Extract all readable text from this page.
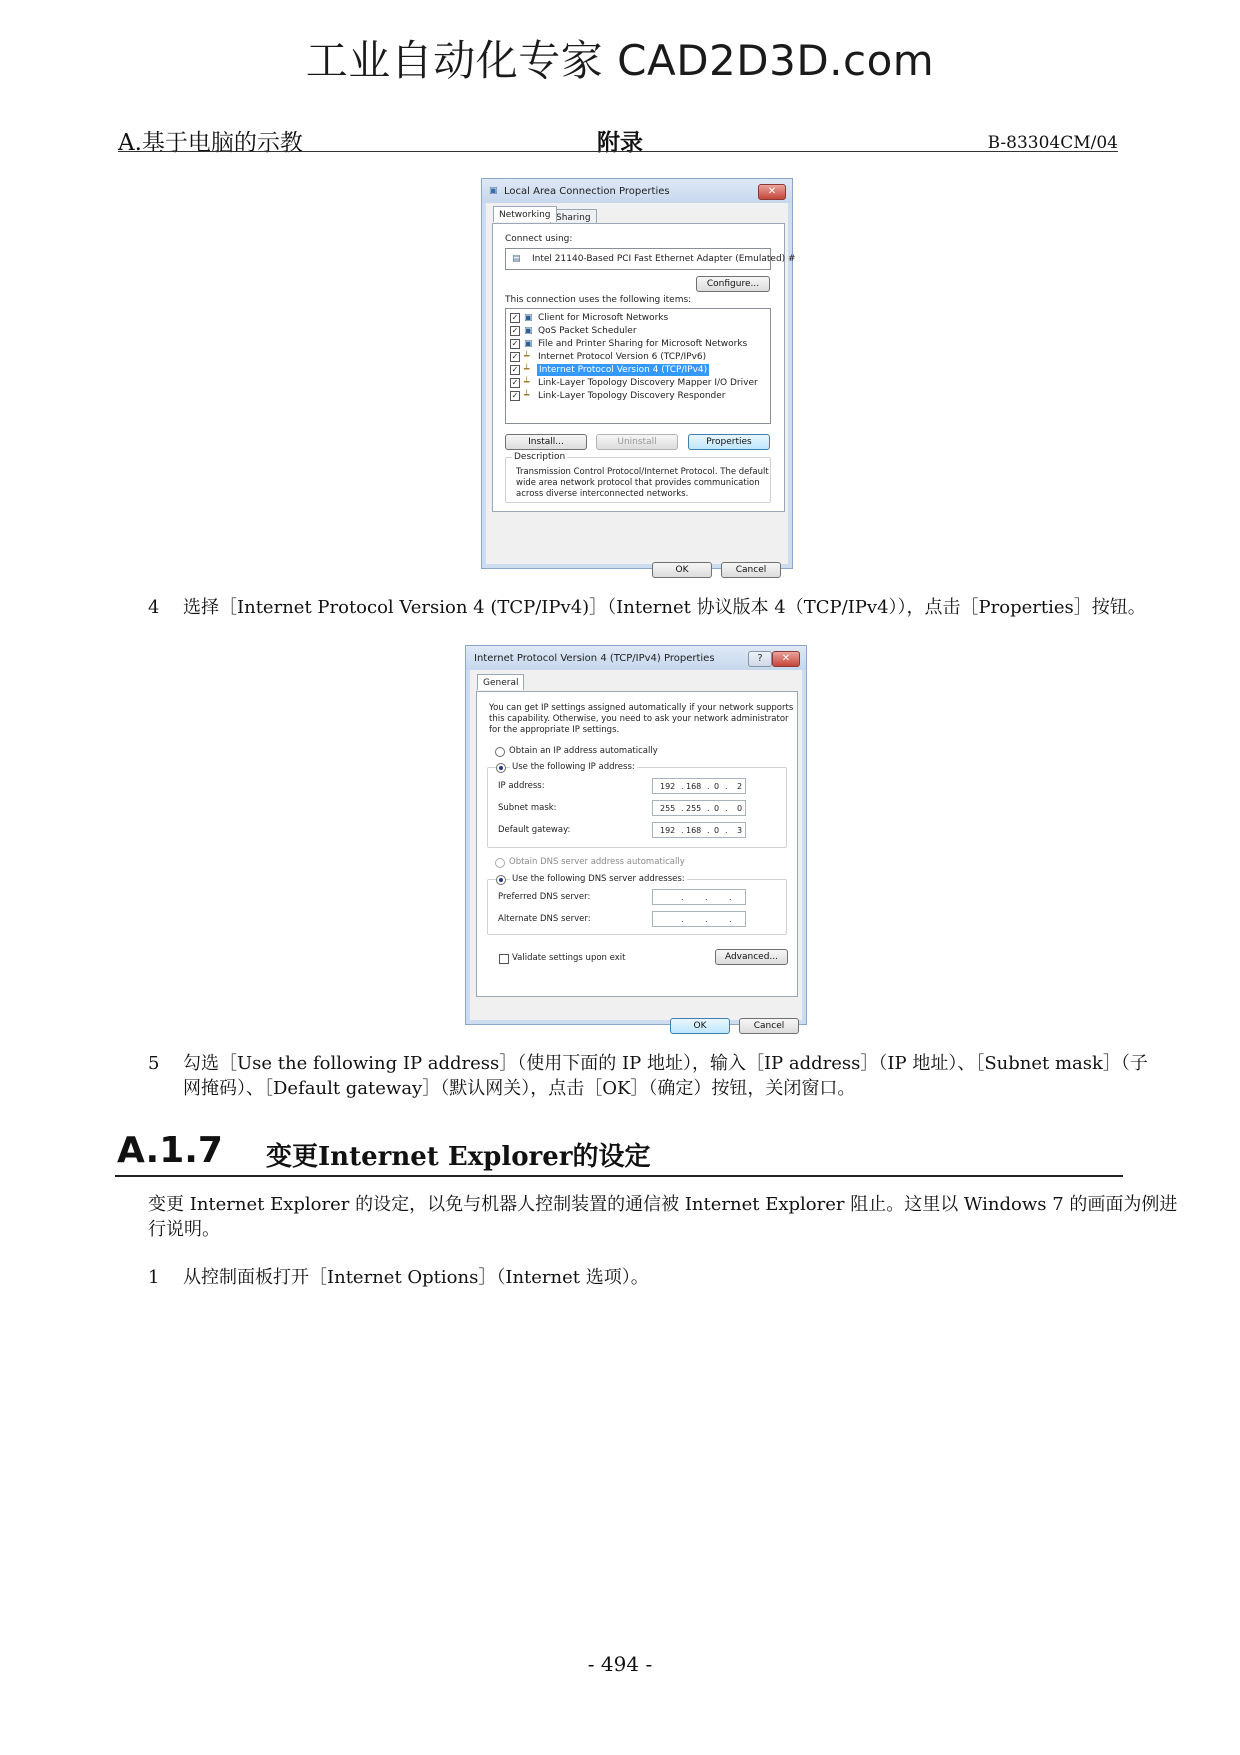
工业自动化专家 CAD2D3D.com
A.基于电脑的示教	附录	B-83304CM/04
▣ Local Area Connection Properties	✕
Networking Sharing
Connect using:
▤ Intel 21140-Based PCI Fast Ethernet Adapter (Emulated) #
Configure...
This connection uses the following items:
✓ ▣ Client for Microsoft Networks
✓ ▣ QoS Packet Scheduler
✓ ▣ File and Printer Sharing for Microsoft Networks
✓ ┷ Internet Protocol Version 6 (TCP/IPv6)
✓ ┷ Internet Protocol Version 4 (TCP/IPv4)
✓ ┷ Link-Layer Topology Discovery Mapper I/O Driver
✓ ┷ Link-Layer Topology Discovery Responder
Install...	Uninstall	Properties
Description
Transmission Control Protocol/Internet Protocol. The default
wide area network protocol that provides communication
across diverse interconnected networks.
OK	Cancel
4 选择［Internet Protocol Version 4 (TCP/IPv4)］（Internet 协议版本 4（TCP/IPv4）），点击［Properties］按钮。
Internet Protocol Version 4 (TCP/IPv4) Properties	?	✕
General
You can get IP settings assigned automatically if your network supports
this capability. Otherwise, you need to ask your network administrator
for the appropriate IP settings.
Obtain an IP address automatically
Use the following IP address:
IP address:	192 . 168 . 0 . 2
Subnet mask:	255 . 255 . 0 . 0
Default gateway:	192 . 168 . 0 . 3
Obtain DNS server address automatically
Use the following DNS server addresses:
Preferred DNS server:	.	.	.
Alternate DNS server:	.	.	.
Validate settings upon exit	Advanced...
OK	Cancel
5 勾选［Use the following IP address］（使用下面的 IP 地址），输入［IP address］（IP 地址）、［Subnet mask］（子
网掩码）、［Default gateway］（默认网关），点击［OK］（确定）按钮，关闭窗口。
A.1.7 变更Internet Explorer的设定
变更 Internet Explorer 的设定，以免与机器人控制装置的通信被 Internet Explorer 阻止。这里以 Windows 7 的画面为例进
行说明。
1 从控制面板打开［Internet Options］（Internet 选项）。
- 494 -
